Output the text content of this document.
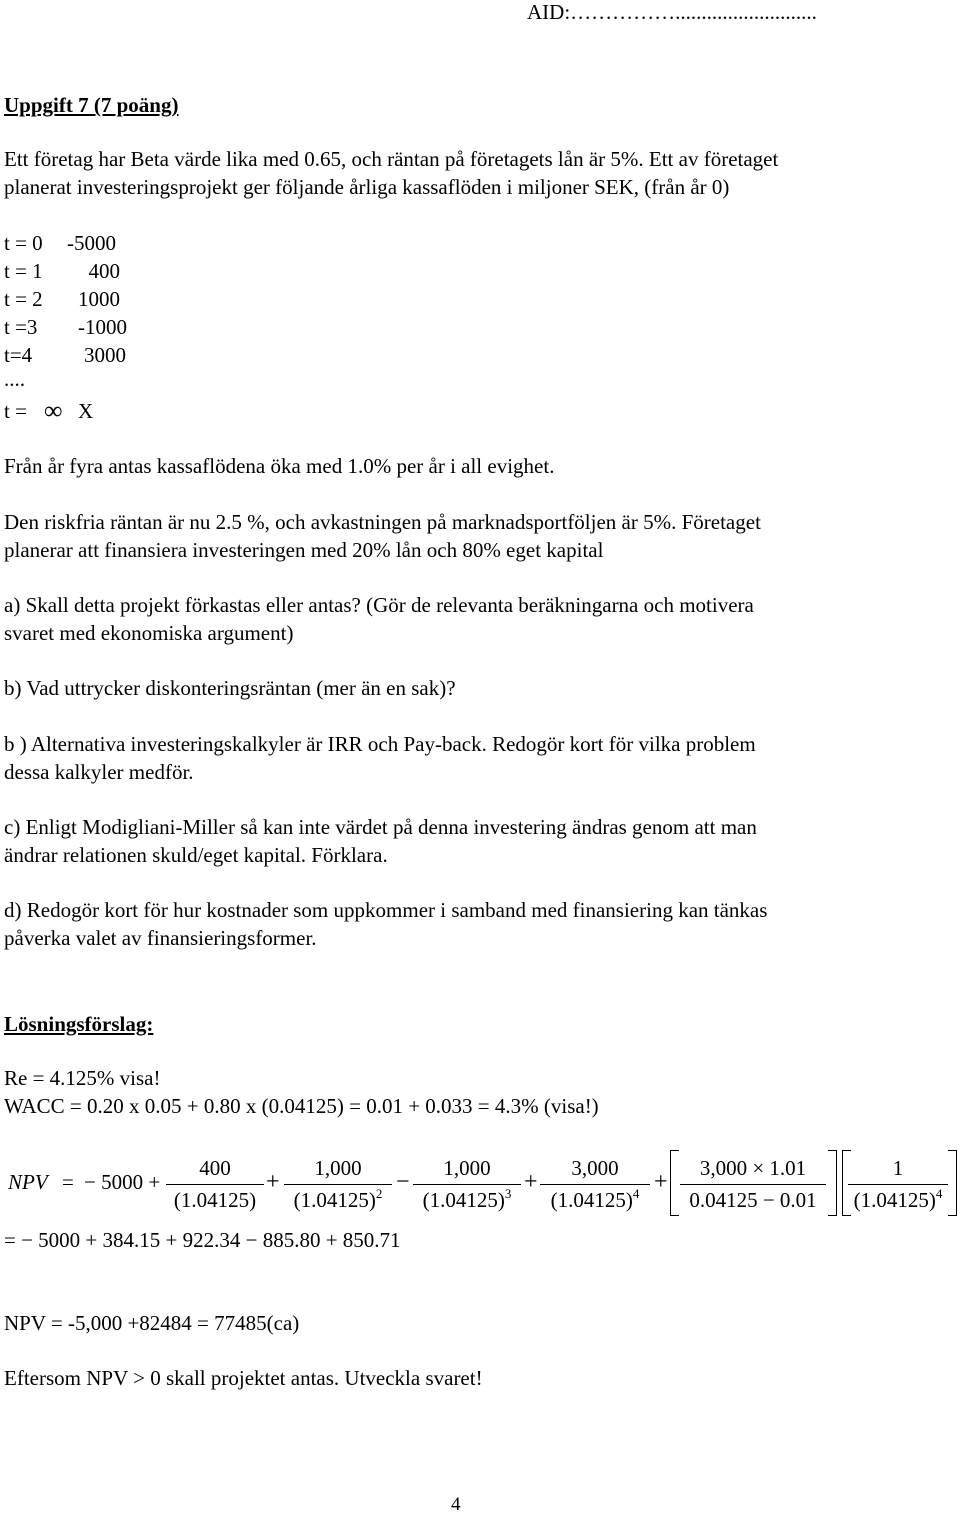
AID:……………...........................
Uppgift 7 (7 poäng)
Ett företag har Beta värde lika med 0.65, och räntan på företagets lån är 5%. Ett av företaget
planerat investeringsprojekt ger följande årliga kassaflöden i miljoner SEK, (från år 0)
t = 0	-5000
t = 1	400
t = 2	1000
t =3	-1000
t=4	3000
....
t = ∞ X
Från år fyra antas kassaflödena öka med 1.0% per år i all evighet.
Den riskfria räntan är nu 2.5 %, och avkastningen på marknadsportföljen är 5%. Företaget
planerar att finansiera investeringen med 20% lån och 80% eget kapital
a) Skall detta projekt förkastas eller antas? (Gör de relevanta beräkningarna och motivera
svaret med ekonomiska argument)
b) Vad uttrycker diskonteringsräntan (mer än en sak)?
b ) Alternativa investeringskalkyler är IRR och Pay-back. Redogör kort för vilka problem
dessa kalkyler medför.
c) Enligt Modigliani-Miller så kan inte värdet på denna investering ändras genom att man
ändrar relationen skuld/eget kapital. Förklara.
d) Redogör kort för hur kostnader som uppkommer i samband med finansiering kan tänkas
påverka valet av finansieringsformer.
Lösningsförslag:
Re = 4.125% visa!
WACC = 0.20 x 0.05 + 0.80 x (0.04125) = 0.01 + 0.033 = 4.3% (visa!)
NPV = − 5000 +
400
(1.04125)
+
1,000
$(1.04125)^2$ −
1,000
$(1.04125)^3$ +
3,000
$(1.04125)^4$ +
3,000 × 1.01
0.04125 − 0.01
1
$(1.04125)^4$
= − 5000 + 384.15 + 922.34 − 885.80 + 850.71
NPV = -5,000 +82484 = 77485(ca)
Eftersom NPV > 0 skall projektet antas. Utveckla svaret!
4
